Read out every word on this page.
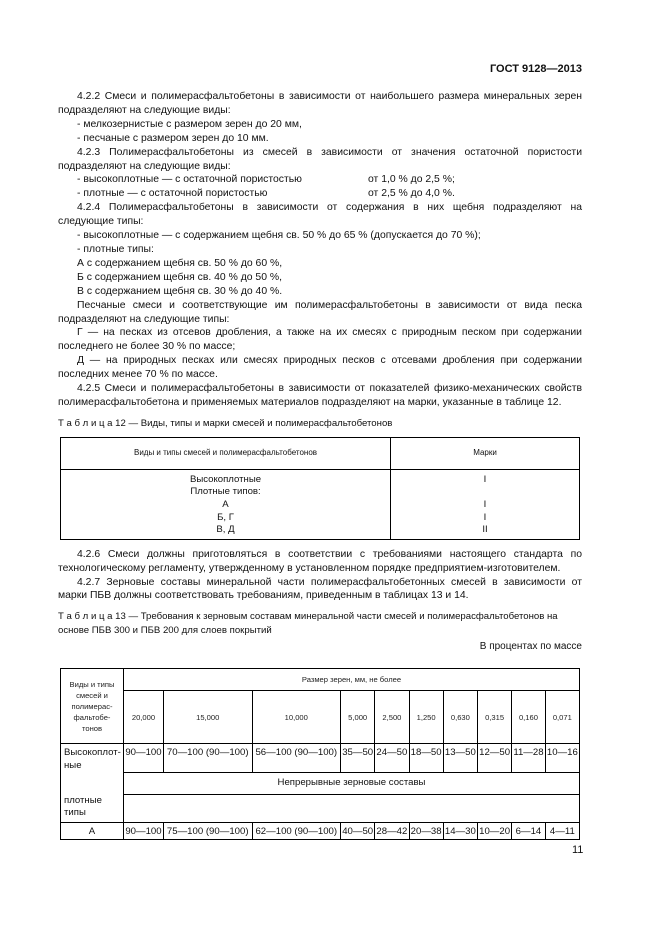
ГОСТ 9128—2013

4.2.2 Смеси и полимерасфальтобетоны в зависимости от наибольшего размера минеральных зерен подразделяют на следующие виды:

- мелкозернистые с размером зерен до 20 мм,

- песчаные с размером зерен до 10 мм.

4.2.3 Полимерасфальтобетоны из смесей в зависимости от значения остаточной пористости подразделяют на следующие виды:

- высокоплотные — с остаточной пористостью	от 1,0 % до 2,5 %;
- плотные — с остаточной пористостью	от 2,5 % до 4,0 %.

4.2.4 Полимерасфальтобетоны в зависимости от содержания в них щебня подразделяют на следующие типы:

- высокоплотные — с содержанием щебня св. 50 % до 65 % (допускается до 70 %);

- плотные типы:

А с содержанием щебня св. 50 % до 60 %,

Б с содержанием щебня св. 40 % до 50 %,

В с содержанием щебня св. 30 % до 40 %.

Песчаные смеси и соответствующие им полимерасфальтобетоны в зависимости от вида песка подразделяют на следующие типы:

Г — на песках из отсевов дробления, а также на их смесях с природным песком при содержании последнего не более 30 % по массе;

Д — на природных песках или смесях природных песков с отсевами дробления при содержании последних менее 70 % по массе.

4.2.5 Смеси и полимерасфальтобетоны в зависимости от показателей физико-механических свойств полимерасфальтобетона и применяемых материалов подразделяют на марки, указанные в таблице 12.

Т а б л и ц а 12 — Виды, типы и марки смесей и полимерасфальтобетонов
Виды и типы смесей и полимерасфальтобетонов	Марки
Высокоплотные	I
Плотные типов:	
А	I
Б, Г	I
В, Д	II

4.2.6 Смеси должны приготовляться в соответствии с требованиями настоящего стандарта по технологическому регламенту, утвержденному в установленном порядке предприятием-изготовителем.

4.2.7 Зерновые составы минеральной части полимерасфальтобетонных смесей в зависимости от марки ПБВ должны соответствовать требованиям, приведенным в таблицах 13 и 14.

Т а б л и ц а 13 — Требования к зерновым составам минеральной части смесей и полимерасфальтобетонов на основе ПБВ 300 и ПБВ 200 для слоев покрытий
В процентах по массе
Виды и типы смесей и полимерас-фальтобе-тонов	Размер зерен, мм, не более									
	20,000	15,000	10,000	5,000	2,500	1,250	0,630	0,315	0,160	0,071
Высокоплот-ные	90—100	70—100 (90—100)	56—100 (90—100)	35—50	24—50	18—50	13—50	12—50	11—28	10—16
	Непрерывные зерновые составы									
плотные типы										
А	90—100	75—100 (90—100)	62—100 (90—100)	40—50	28—42	20—38	14—30	10—20	6—14	4—11
11
